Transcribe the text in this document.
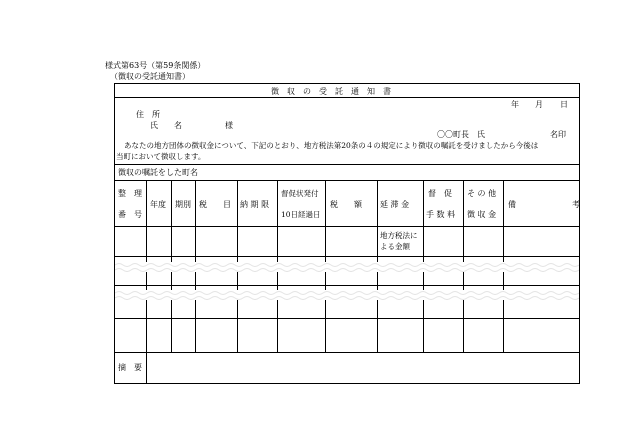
様式第63号（第59条関係）
（徴収の受託通知書）
徴　収　の　受　託　通　知　書
年 月 日
住　所
氏　　名	様
〇〇町長　氏	名印
あなたの地方団体の徴収金について、下記のとおり、地方税法第20条の４の規定により徴収の嘱託を受けましたから今後は
当町において徴収します。
徴収の嘱託をした町名
整　理
番　号
年度 期別 税　　目 納 期 限
督促状発付
10日経過日
税　　額 延 滞 金
督　促
手 数 料
そ の 他
徴 収 金
備　　　　　　　考
地方税法に
よる金額
摘　要
